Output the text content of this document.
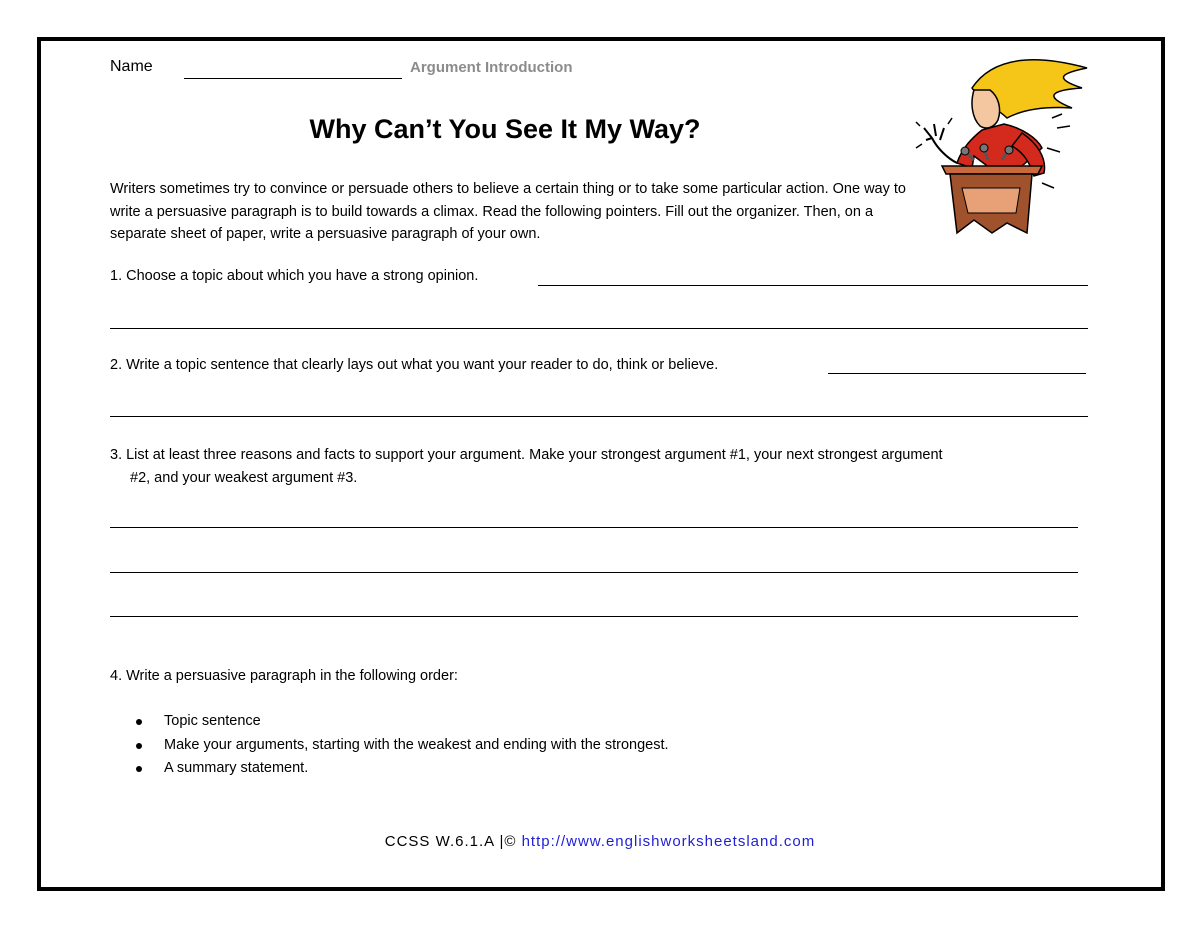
Name	Argument Introduction
Why Can’t You See It My Way?
Writers sometimes try to convince or persuade others to believe a certain thing or to take some particular action. One way to write a persuasive paragraph is to build towards a climax. Read the following pointers. Fill out the organizer. Then, on a separate sheet of paper, write a persuasive paragraph of your own.
1. Choose a topic about which you have a strong opinion.
2. Write a topic sentence that clearly lays out what you want your reader to do, think or believe.
3. List at least three reasons and facts to support your argument. Make your strongest argument #1, your next strongest argument
#2, and your weakest argument #3.
4. Write a persuasive paragraph in the following order:
Topic sentence
Make your arguments, starting with the weakest and ending with the strongest.
A summary statement.
CCSS W.6.1.A |© http://www.englishworksheetsland.com
